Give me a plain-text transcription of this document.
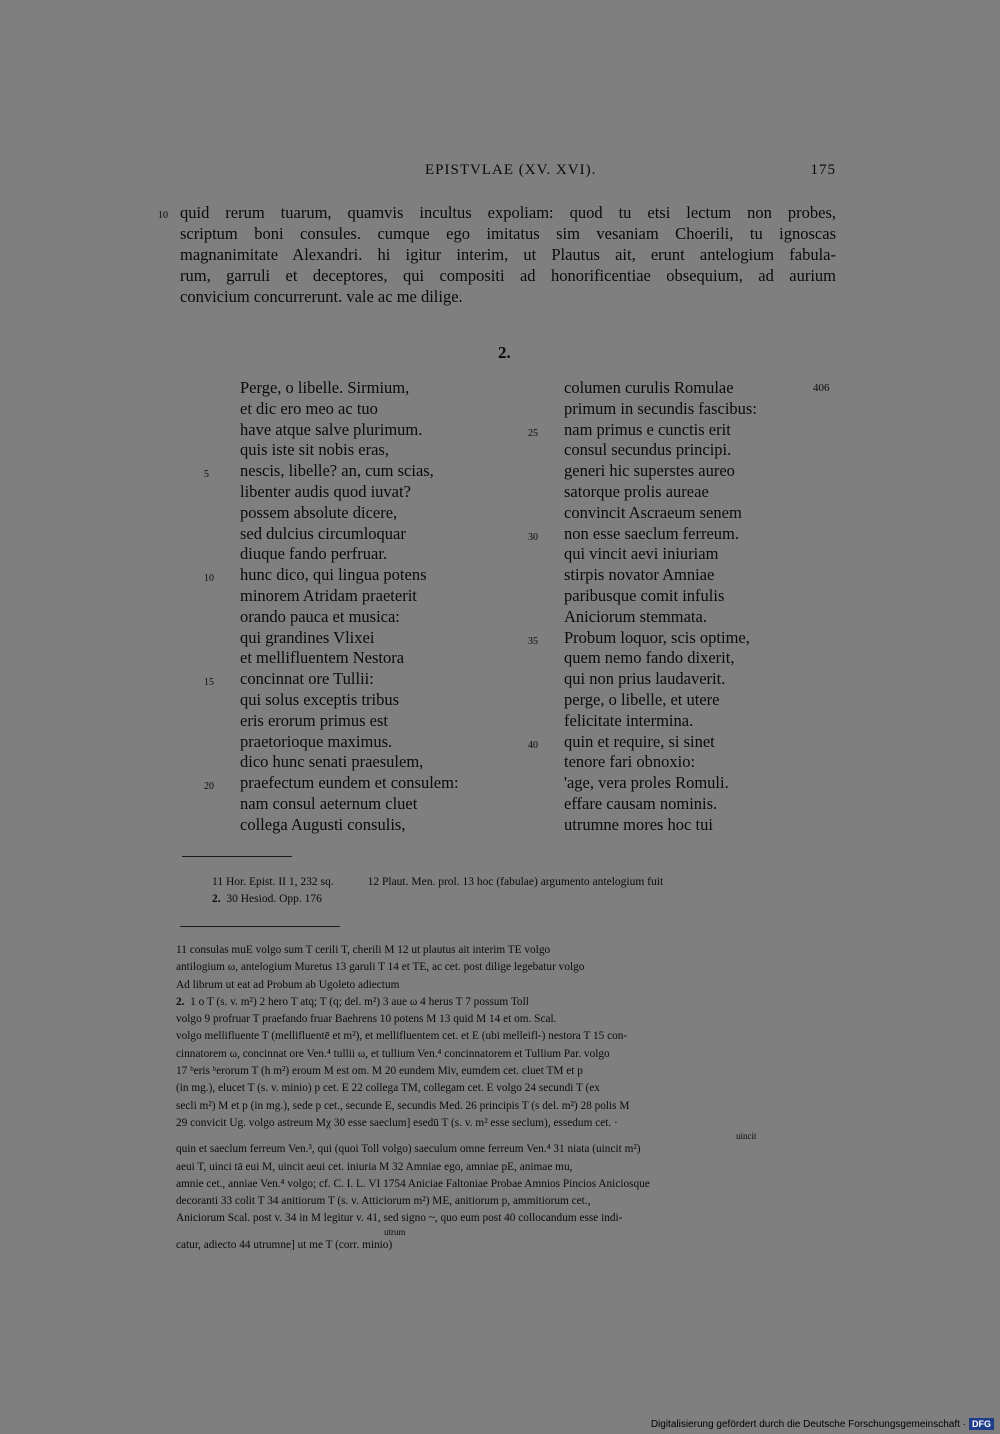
EPISTVLAE (XV. XVI).	175
10 quid rerum tuarum, quamvis incultus expoliam: quod tu etsi lectum non probes,
scriptum boni consules. cumque ego imitatus sim vesaniam Choerili, tu ignoscas
magnanimitate Alexandri. hi igitur interim, ut Plautus ait, erunt antelogium fabula-
rum, garruli et deceptores, qui compositi ad honorificentiae obsequium, ad aurium
convicium concurrerunt. vale ac me dilige.
2.
Perge, o libelle. Sirmium,
et dic ero meo ac tuo
have atque salve plurimum.
quis iste sit nobis eras,
5 nescis, libelle? an, cum scias,
libenter audis quod iuvat?
possem absolute dicere,
sed dulcius circumloquar
diuque fando perfruar.
10 hunc dico, qui lingua potens
minorem Atridam praeterit
orando pauca et musica:
qui grandines Vlixei
et mellifluentem Nestora
15 concinnat ore Tullii:
qui solus exceptis tribus
eris erorum primus est
praetorioque maximus.
dico hunc senati praesulem,
20 praefectum eundem et consulem:
nam consul aeternum cluet
collega Augusti consulis,
columen curulis Romulae
primum in secundis fascibus:
25 nam primus e cunctis erit
consul secundus principi.
generi hic superstes aureo
satorque prolis aureae
convincit Ascraeum senem
30 non esse saeclum ferreum.
qui vincit aevi iniuriam
stirpis novator Amniae
paribusque comit infulis
Aniciorum stemmata.
35 Probum loquor, scis optime,
quem nemo fando dixerit,
qui non prius laudaverit.
perge, o libelle, et utere
felicitate intermina.
40 quin et require, si sinet
tenore fari obnoxio:
'age, vera proles Romuli.
effare causam nominis.
utrumne mores hoc tui
406
11 Hor. Epist. II 1, 232 sq.	12 Plaut. Men. prol. 13 hoc (fabulae) argumento antelogium fuit
2. 30 Hesiod. Opp. 176
11 consulas muE volgo sum T cerili T, cherili M 12 ut plautus ait interim TE volgo
antilogium ω, antelogium Muretus 13 garuli T 14 et TE, ac cet. post dilige legebatur volgo
Ad librum ut eat ad Probum ab Ugoleto adiectum
2. 1 o T (s. v. m²) 2 hero T atq; T (q; del. m²) 3 aue ω 4 herus T 7 possum Toll
volgo 9 profruar T praefando fruar Baehrens 10 potens M 13 quid M 14 et om. Scal.
volgo mellifluente T (mellifluentē et m²), et mellifluentem cet. et E (ubi melleifl-) nestora T 15 con-
cinnatorem ω, concinnat ore Ven.⁴ tullii ω, et tullium Ven.⁴ concinnatorem et Tullium Par. volgo
17 ᵇeris ᵇerorum T (h m²) eroum M est om. M 20 eundem Miv, eumdem cet. cluet TM et p
(in mg.), elucet T (s. v. minio) p cet. E 22 collega TM, collegam cet. E volgo 24 secundi T (ex
secli m²) M et p (in mg.), sede p cet., secunde E, secundis Med. 26 principis T (s del. m²) 28 polis M
29 convicit Ug. volgo astreum Mχ 30 esse saeclum] esedū T (s. v. m² esse seclum), essedum cet. ·
uincit
quin et saeclum ferreum Ven.³, qui (quoi Toll volgo) saeculum omne ferreum Ven.⁴ 31 niata (uincit m²)
aeui T, uinci tā eui M, uincit aeui cet. iniuria M 32 Amniae ego, amniae pE, animae mu,
amnie cet., anniae Ven.⁴ volgo; cf. C. I. L. VI 1754 Aniciae Faltoniae Probae Amnios Pincios Aniciosque
decoranti 33 colit T 34 anitiorum T (s. v. Atticiorum m²) ME, anitiorum p, ammitiorum cet.,
Aniciorum Scal. post v. 34 in M legitur v. 41, sed signo ~, quo eum post 40 collocandum esse indi-
utrum
catur, adiecto 44 utrumne] ut me T (corr. minio)
Digitalisierung gefördert durch die Deutsche Forschungsgemeinschaft · DFG
